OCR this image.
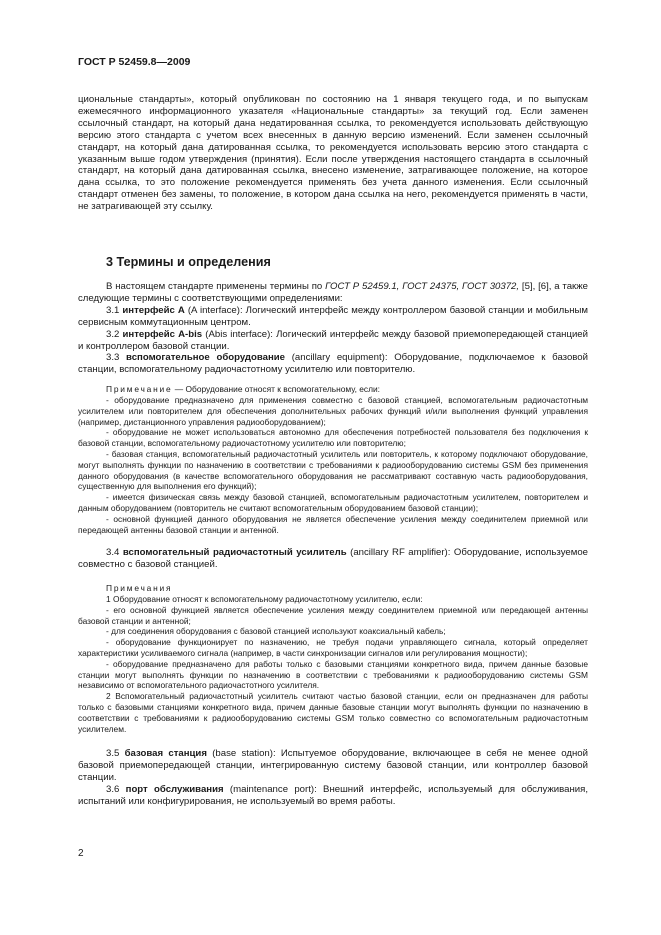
ГОСТ Р 52459.8—2009

циональные стандарты», который опубликован по состоянию на 1 января текущего года, и по выпускам ежемесячного информационного указателя «Национальные стандарты» за текущий год. Если заменен ссылочный стандарт, на который дана недатированная ссылка, то рекомендуется использовать действующую версию этого стандарта с учетом всех внесенных в данную версию изменений. Если заменен ссылочный стандарт, на который дана датированная ссылка, то рекомендуется использовать версию этого стандарта с указанным выше годом утверждения (принятия). Если после утверждения настоящего стандарта в ссылочный стандарт, на который дана датированная ссылка, внесено изменение, затрагивающее положение, на которое дана ссылка, то это положение рекомендуется применять без учета данного изменения. Если ссылочный стандарт отменен без замены, то положение, в котором дана ссылка на него, рекомендуется применять в части, не затрагивающей эту ссылку.

3 Термины и определения

В настоящем стандарте применены термины по ГОСТ Р 52459.1, ГОСТ 24375, ГОСТ 30372, [5], [6], а также следующие термины с соответствующими определениями:

3.1 интерфейс А (A interface): Логический интерфейс между контроллером базовой станции и мобильным сервисным коммутационным центром.

3.2 интерфейс A-bis (Abis interface): Логический интерфейс между базовой приемопередающей станцией и контроллером базовой станции.

3.3 вспомогательное оборудование (ancillary equipment): Оборудование, подключаемое к базовой станции, вспомогательному радиочастотному усилителю или повторителю.

Примечание — Оборудование относят к вспомогательному, если:

- оборудование предназначено для применения совместно с базовой станцией, вспомогательным радиочастотным усилителем или повторителем для обеспечения дополнительных рабочих функций и/или выполнения функций управления (например, дистанционного управления радиооборудованием);

- оборудование не может использоваться автономно для обеспечения потребностей пользователя без подключения к базовой станции, вспомогательному радиочастотному усилителю или повторителю;

- базовая станция, вспомогательный радиочастотный усилитель или повторитель, к которому подключают оборудование, могут выполнять функции по назначению в соответствии с требованиями к радиооборудованию системы GSM без применения данного оборудования (в качестве вспомогательного оборудования не рассматривают составную часть радиооборудования, существенную для выполнения его функций);

- имеется физическая связь между базовой станцией, вспомогательным радиочастотным усилителем, повторителем и данным оборудованием (повторитель не считают вспомогательным оборудованием базовой станции);

- основной функцией данного оборудования не является обеспечение усиления между соединителем приемной или передающей антенны базовой станции и антенной.

3.4 вспомогательный радиочастотный усилитель (ancillary RF amplifier): Оборудование, используемое совместно с базовой станцией.

Примечания

1 Оборудование относят к вспомогательному радиочастотному усилителю, если:

- его основной функцией является обеспечение усиления между соединителем приемной или передающей антенны базовой станции и антенной;

- для соединения оборудования с базовой станцией используют коаксиальный кабель;

- оборудование функционирует по назначению, не требуя подачи управляющего сигнала, который определяет характеристики усиливаемого сигнала (например, в части синхронизации сигналов или регулирования мощности);

- оборудование предназначено для работы только с базовыми станциями конкретного вида, причем данные базовые станции могут выполнять функции по назначению в соответствии с требованиями к радиооборудованию системы GSM независимо от вспомогательного радиочастотного усилителя.

2 Вспомогательный радиочастотный усилитель считают частью базовой станции, если он предназначен для работы только с базовыми станциями конкретного вида, причем данные базовые станции могут выполнять функции по назначению в соответствии с требованиями к радиооборудованию системы GSM только совместно со вспомогательным радиочастотным усилителем.

3.5 базовая станция (base station): Испытуемое оборудование, включающее в себя не менее одной базовой приемопередающей станции, интегрированную систему базовой станции, или контроллер базовой станции.

3.6 порт обслуживания (maintenance port): Внешний интерфейс, используемый для обслуживания, испытаний или конфигурирования, не используемый во время работы.

2
